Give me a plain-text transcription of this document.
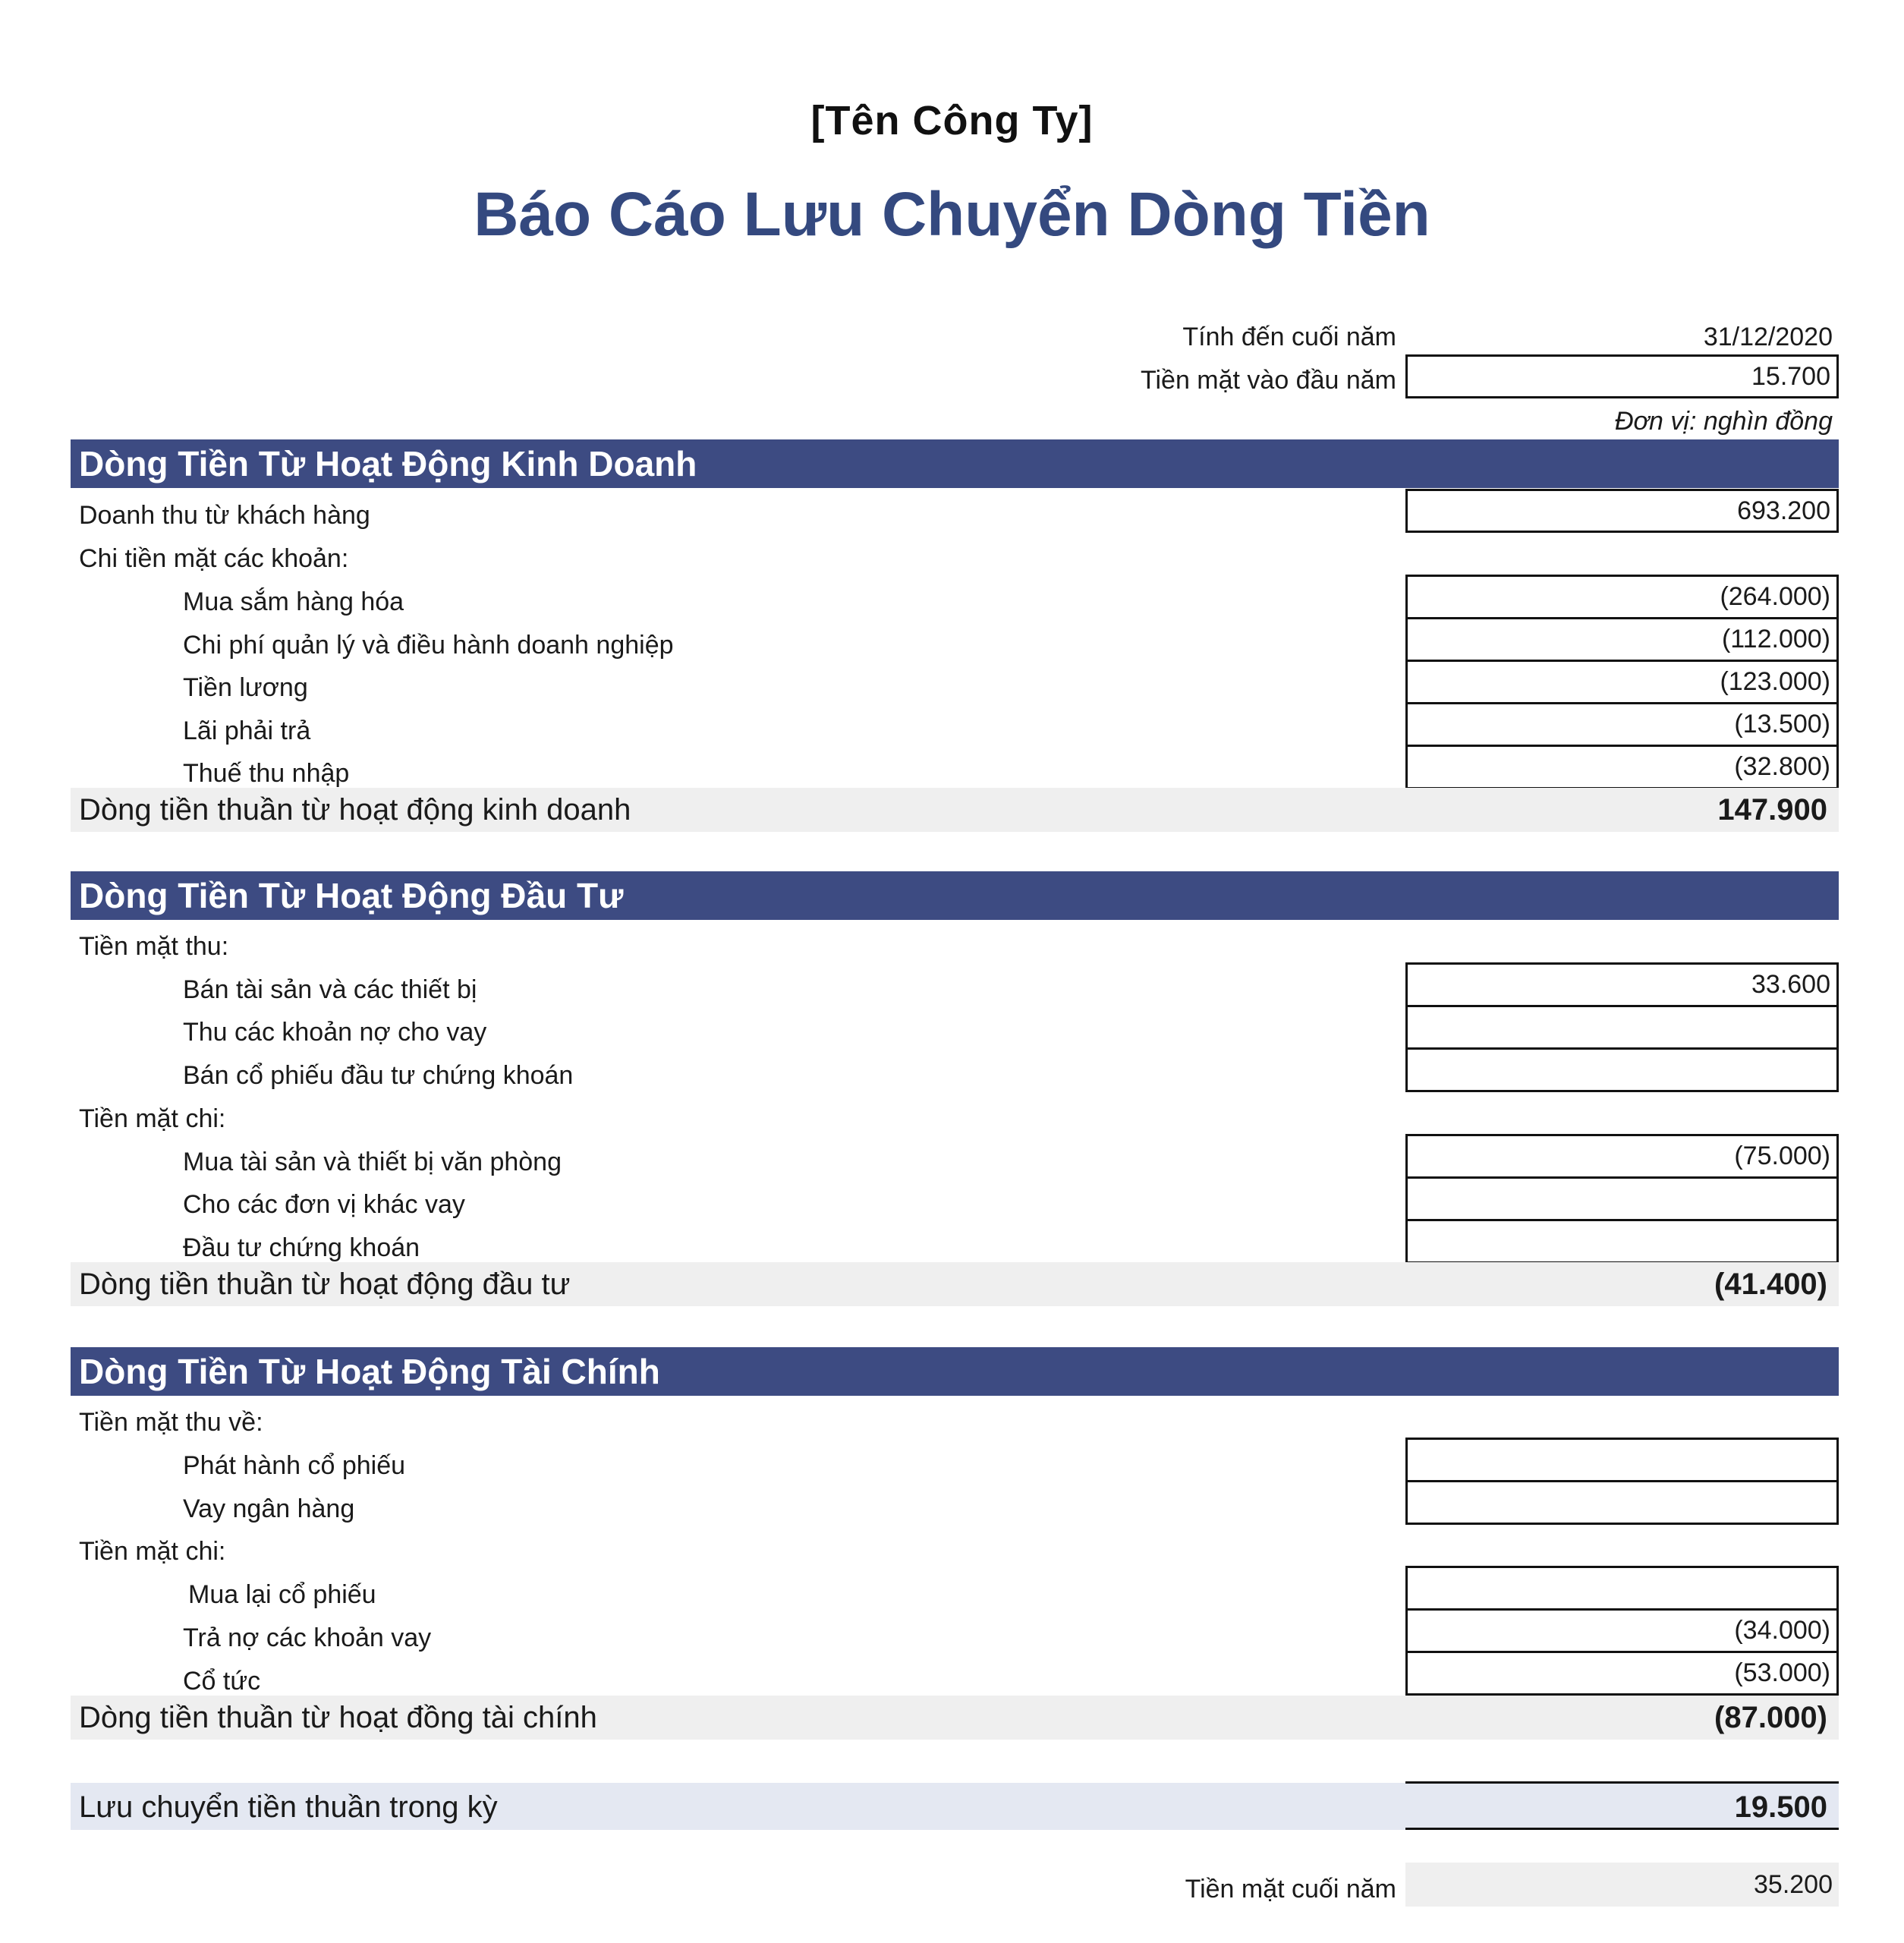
[Tên Công Ty]
Báo Cáo Lưu Chuyển Dòng Tiền
Tính đến cuối năm	31/12/2020
Tiền mặt vào đầu năm	15.700
Đơn vị: nghìn đồng
Dòng Tiền Từ Hoạt Động Kinh Doanh
Doanh thu từ khách hàng	693.200
Chi tiền mặt các khoản:
Mua sắm hàng hóa	(264.000)
Chi phí quản lý và điều hành doanh nghiệp	(112.000)
Tiền lương	(123.000)
Lãi phải trả	(13.500)
Thuế thu nhập	(32.800)
Dòng tiền thuần từ hoạt động kinh doanh	147.900
Dòng Tiền Từ Hoạt Động Đầu Tư
Tiền mặt thu:
Bán tài sản và các thiết bị	33.600
Thu các khoản nợ cho vay
Bán cổ phiếu đầu tư chứng khoán
Tiền mặt chi:
Mua tài sản và thiết bị văn phòng	(75.000)
Cho các đơn vị khác vay
Đầu tư chứng khoán
Dòng tiền thuần từ hoạt động đầu tư	(41.400)
Dòng Tiền Từ Hoạt Động Tài Chính
Tiền mặt thu về:
Phát hành cổ phiếu
Vay ngân hàng
Tiền mặt chi:
Mua lại cổ phiếu
Trả nợ các khoản vay	(34.000)
Cổ tức	(53.000)
Dòng tiền thuần từ hoạt đồng tài chính	(87.000)
Lưu chuyển tiền thuần trong kỳ	19.500
Tiền mặt cuối năm	35.200
